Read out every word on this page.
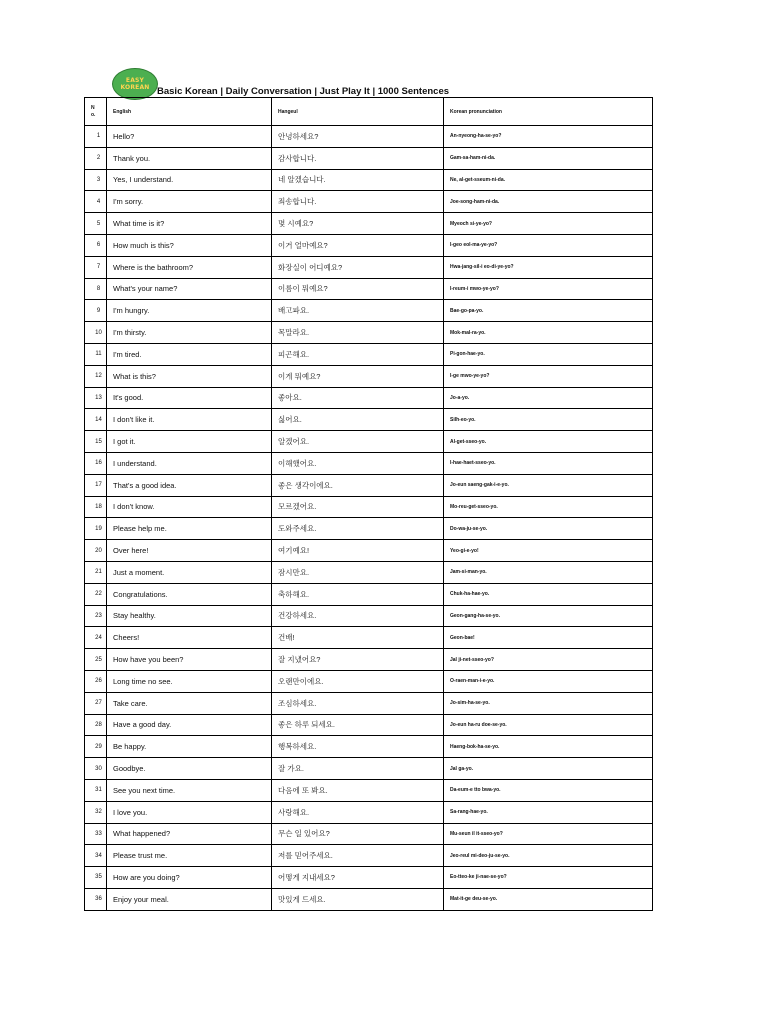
EASY
KOREAN Basic Korean | Daily Conversation | Just Play It | 1000 Sentences
N
o.	English	Hangeul	Korean pronunciation
1	Hello?	안녕하세요?	An-nyeong-ha-se-yo?
2	Thank you.	감사합니다.	Gam-sa-ham-ni-da.
3	Yes, I understand.	네 알겠습니다.	Ne, al-get-sseum-ni-da.
4	I'm sorry.	죄송합니다.	Joe-song-ham-ni-da.
5	What time is it?	몇 시예요?	Myeoch si-ye-yo?
6	How much is this?	이거 얼마예요?	I-geo eol-ma-ye-yo?
7	Where is the bathroom?	화장실이 어디예요?	Hwa-jang-sil-i eo-di-ye-yo?
8	What's your name?	이름이 뭐예요?	I-reum-i mwo-ye-yo?
9	I'm hungry.	배고파요.	Bae-go-pa-yo.
10	I'm thirsty.	목말라요.	Mok-mal-ra-yo.
11	I'm tired.	피곤해요.	Pi-gon-hae-yo.
12	What is this?	이게 뭐예요?	I-ge mwo-ye-yo?
13	It's good.	좋아요.	Jo-a-yo.
14	I don't like it.	싫어요.	Silh-eo-yo.
15	I got it.	알겠어요.	Al-get-sseo-yo.
16	I understand.	이해했어요.	I-hae-haet-sseo-yo.
17	That's a good idea.	좋은 생각이에요.	Jo-eun saeng-gak-i-e-yo.
18	I don't know.	모르겠어요.	Mo-reu-get-sseo-yo.
19	Please help me.	도와주세요.	Do-wa-ju-se-yo.
20	Over here!	여기예요!	Yeo-gi-e-yo!
21	Just a moment.	잠시만요.	Jam-si-man-yo.
22	Congratulations.	축하해요.	Chuk-ha-hae-yo.
23	Stay healthy.	건강하세요.	Geon-gang-ha-se-yo.
24	Cheers!	건배!	Geon-bae!
25	How have you been?	잘 지냈어요?	Jal ji-net-sseo-yo?
26	Long time no see.	오랜만이에요.	O-raen-man-i-e-yo.
27	Take care.	조심하세요.	Jo-sim-ha-se-yo.
28	Have a good day.	좋은 하루 되세요.	Jo-eun ha-ru doe-se-yo.
29	Be happy.	행복하세요.	Haeng-bok-ha-se-yo.
30	Goodbye.	잘 가요.	Jal ga-yo.
31	See you next time.	다음에 또 봐요.	Da-eum-e tto bwa-yo.
32	I love you.	사랑해요.	Sa-rang-hae-yo.
33	What happened?	무슨 일 있어요?	Mu-seun il it-sseo-yo?
34	Please trust me.	저를 믿어주세요.	Jeo-reul mi-deo-ju-se-yo.
35	How are you doing?	어떻게 지내세요?	Eo-tteo-ke ji-nae-se-yo?
36	Enjoy your meal.	맛있게 드세요.	Mat-it-ge deu-se-yo.
